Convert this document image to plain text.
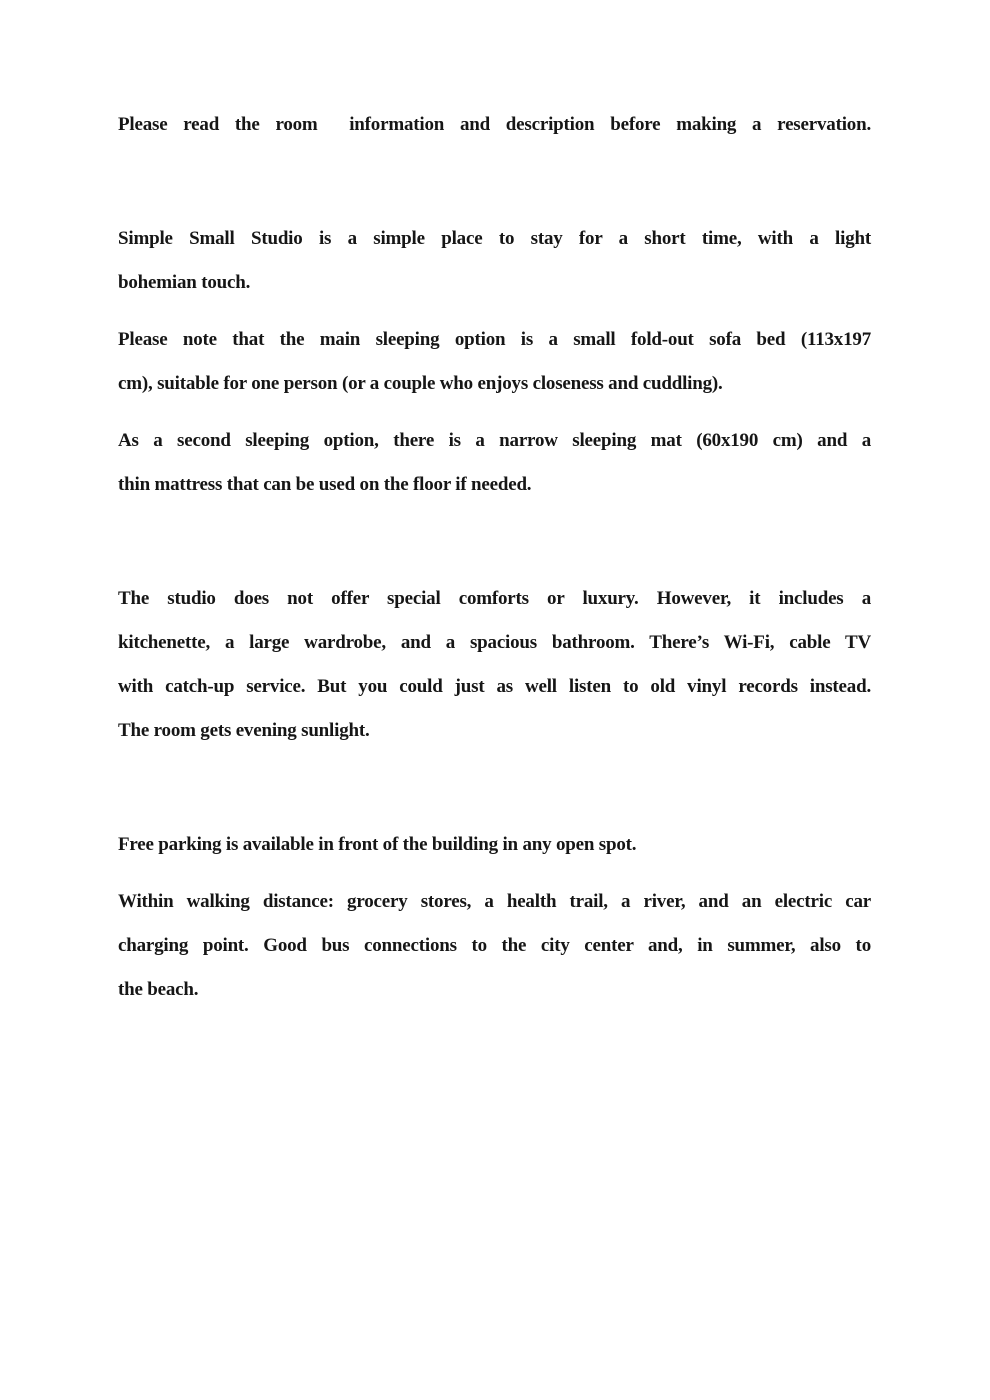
Please read the room  information and description before making a reservation.
Simple Small Studio is a simple place to stay for a short time, with a light
bohemian touch.
Please note that the main sleeping option is a small fold-out sofa bed (113x197
cm), suitable for one person (or a couple who enjoys closeness and cuddling).
As a second sleeping option, there is a narrow sleeping mat (60x190 cm) and a
thin mattress that can be used on the floor if needed.
The studio does not offer special comforts or luxury. However, it includes a
kitchenette, a large wardrobe, and a spacious bathroom. There’s Wi-Fi, cable TV
with catch-up service. But you could just as well listen to old vinyl records instead.
The room gets evening sunlight.
Free parking is available in front of the building in any open spot.
Within walking distance: grocery stores, a health trail, a river, and an electric car
charging point. Good bus connections to the city center and, in summer, also to
the beach.
